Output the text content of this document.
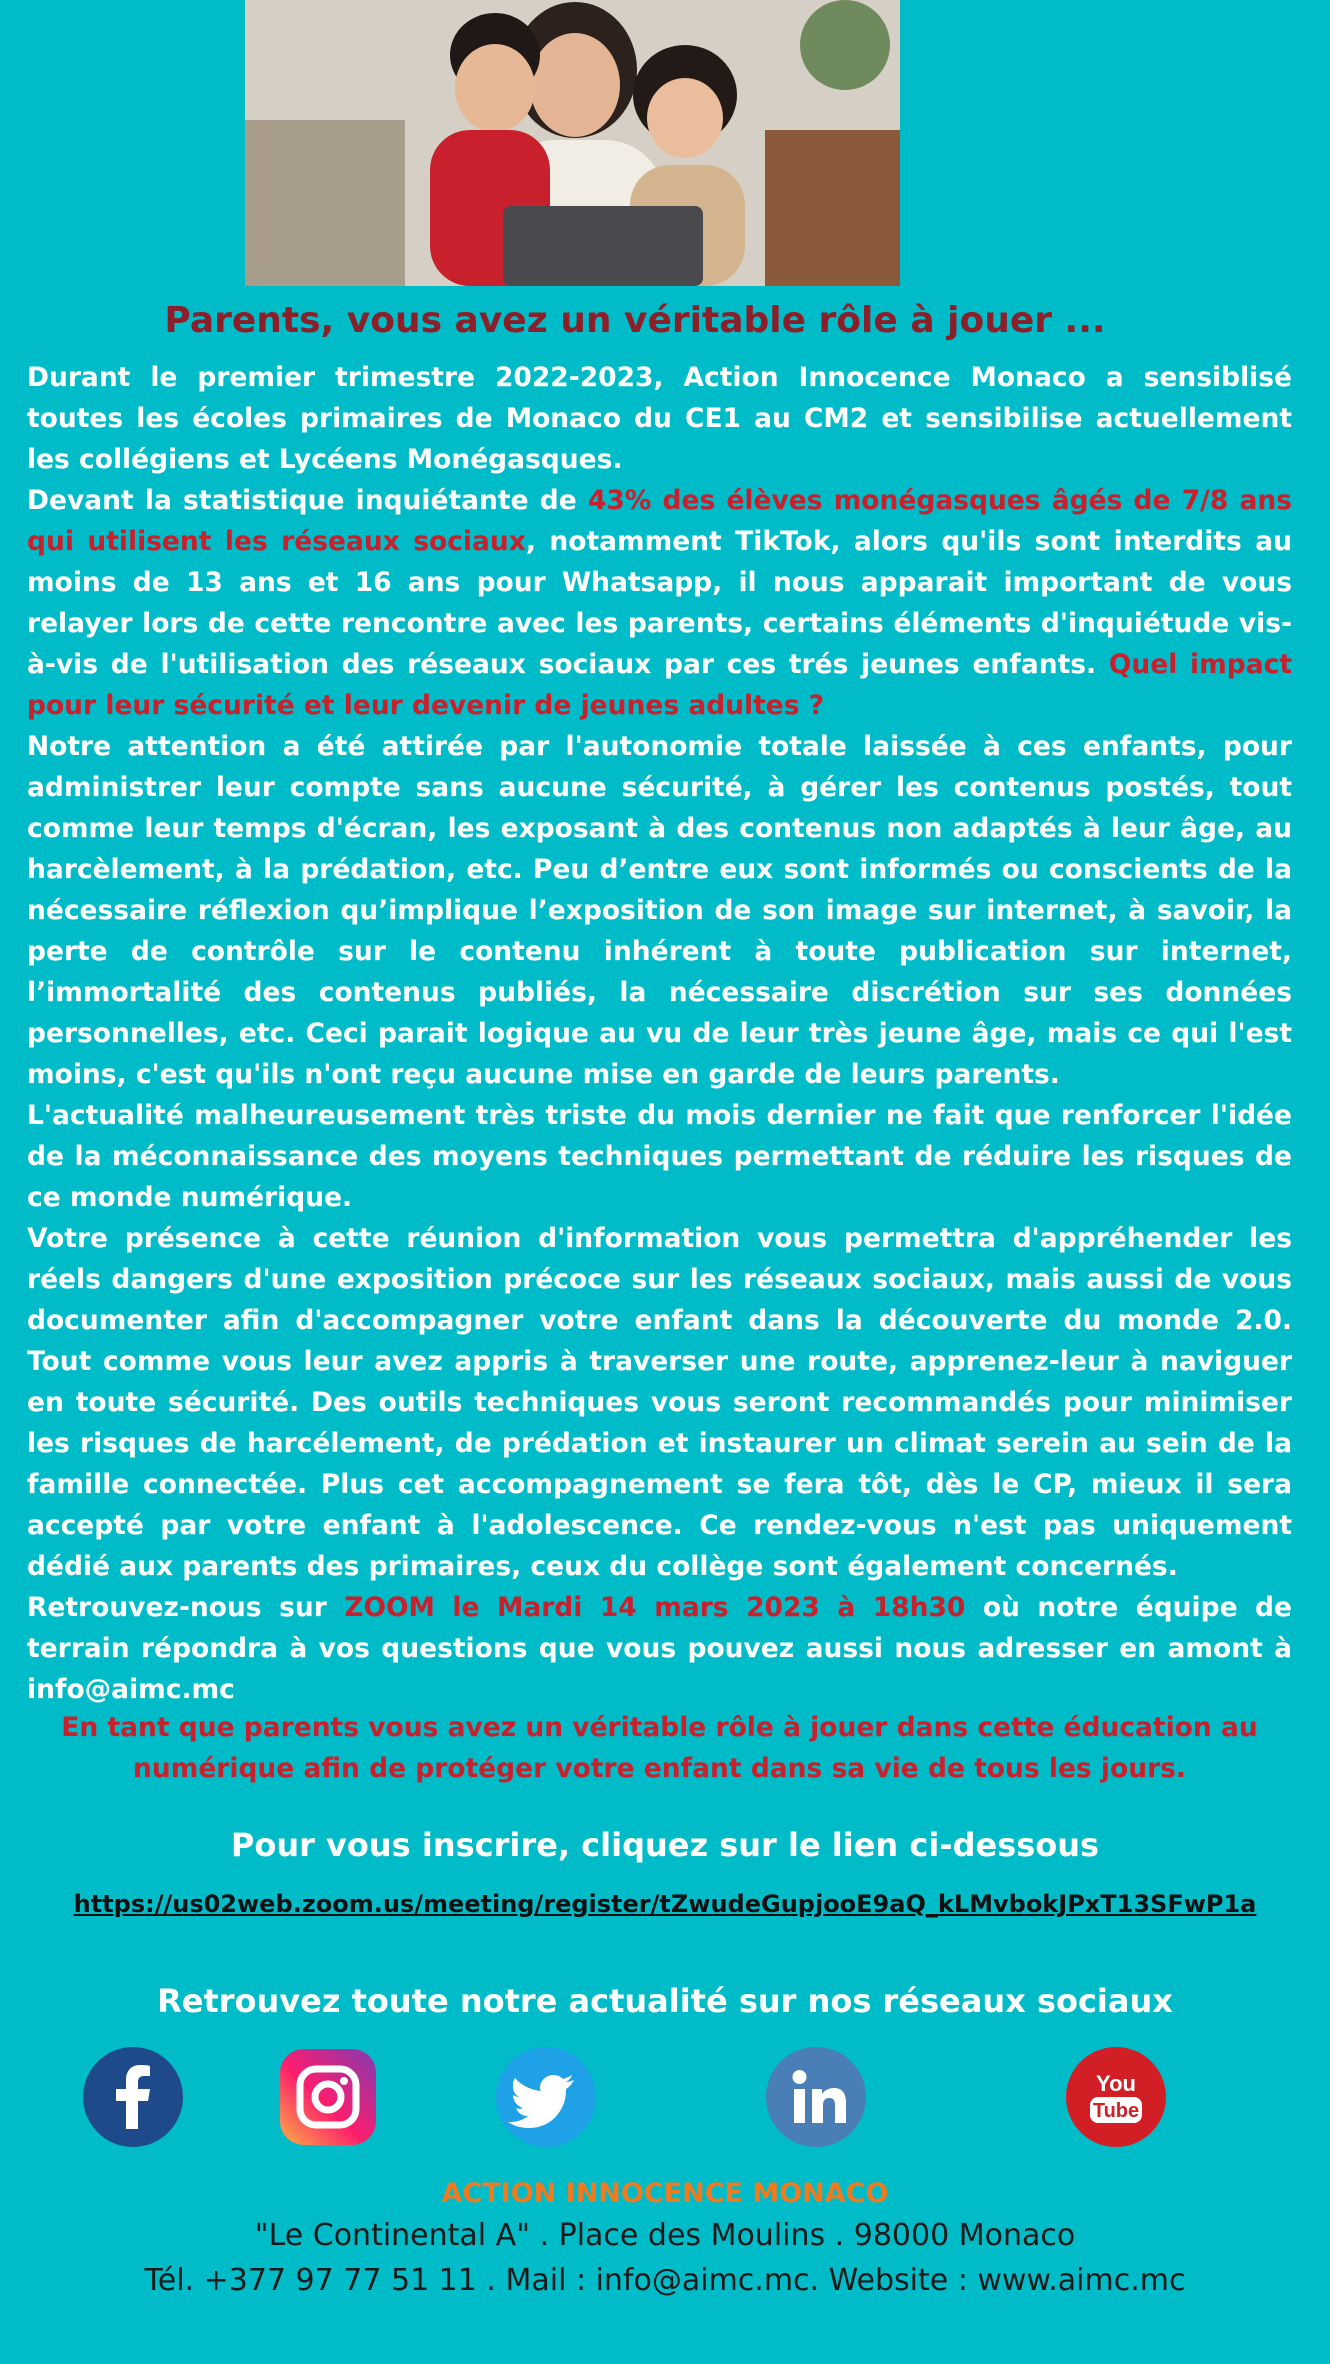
Parents, vous avez un véritable rôle à jouer ...

Durant le premier trimestre 2022-2023, Action Innocence Monaco a sensiblisé toutes les écoles primaires de Monaco du CE1 au CM2 et sensibilise actuellement les collégiens et Lycéens Monégasques.

Devant la statistique inquiétante de 43% des élèves monégasques âgés de 7/8 ans qui utilisent les réseaux sociaux, notamment TikTok, alors qu'ils sont interdits au moins de 13 ans et 16 ans pour Whatsapp, il nous apparait important de vous relayer lors de cette rencontre avec les parents, certains éléments d'inquiétude vis-à-vis de l'utilisation des réseaux sociaux par ces trés jeunes enfants. Quel impact pour leur sécurité et leur devenir de jeunes adultes ?

Notre attention a été attirée par l'autonomie totale laissée à ces enfants, pour administrer leur compte sans aucune sécurité, à gérer les contenus postés, tout comme leur temps d'écran, les exposant à des contenus non adaptés à leur âge, au harcèlement, à la prédation, etc. Peu d’entre eux sont informés ou conscients de la nécessaire réflexion qu’implique l’exposition de son image sur internet, à savoir, la perte de contrôle sur le contenu inhérent à toute publication sur internet, l’immortalité des contenus publiés, la nécessaire discrétion sur ses données personnelles, etc. Ceci parait logique au vu de leur très jeune âge, mais ce qui l'est moins, c'est qu'ils n'ont reçu aucune mise en garde de leurs parents.

L'actualité malheureusement très triste du mois dernier ne fait que renforcer l'idée de la méconnaissance des moyens techniques permettant de réduire les risques de ce monde numérique.

Votre présence à cette réunion d'information vous permettra d'appréhender les réels dangers d'une exposition précoce sur les réseaux sociaux, mais aussi de vous documenter afin d'accompagner votre enfant dans la découverte du monde 2.0. Tout comme vous leur avez appris à traverser une route, apprenez-leur à naviguer en toute sécurité. Des outils techniques vous seront recommandés pour minimiser les risques de harcélement, de prédation et instaurer un climat serein au sein de la famille connectée. Plus cet accompagnement se fera tôt, dès le CP, mieux il sera accepté par votre enfant à l'adolescence. Ce rendez-vous n'est pas uniquement dédié aux parents des primaires, ceux du collège sont également concernés.

Retrouvez-nous sur ZOOM le Mardi 14 mars 2023 à 18h30 où notre équipe de terrain répondra à vos questions que vous pouvez aussi nous adresser en amont à info@aimc.mc

En tant que parents vous avez un véritable rôle à jouer dans cette éducation au numérique afin de protéger votre enfant dans sa vie de tous les jours.
Pour vous inscrire, cliquez sur le lien ci-dessous
https://us02web.zoom.us/meeting/register/tZwudeGupjooE9aQ_kLMvbokJPxT13SFwP1a
Retrouvez toute notre actualité sur nos réseaux sociaux
You
Tube
ACTION INNOCENCE MONACO
"Le Continental A" . Place des Moulins . 98000 Monaco
Tél. +377 97 77 51 11 . Mail : info@aimc.mc. Website : www.aimc.mc
